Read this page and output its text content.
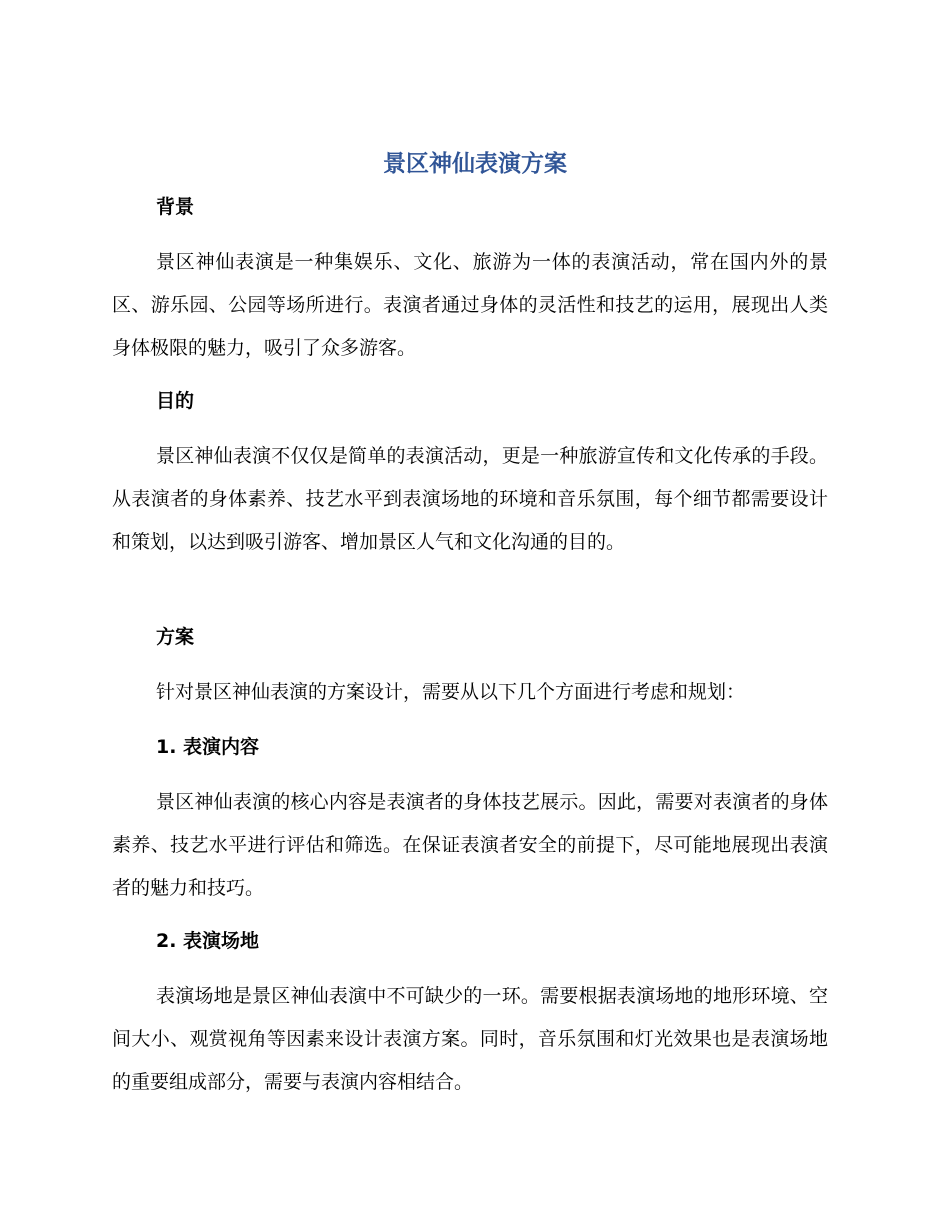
景区神仙表演方案
背景

景区神仙表演是一种集娱乐、文化、旅游为一体的表演活动，常在国内外的景区、游乐园、公园等场所进行。表演者通过身体的灵活性和技艺的运用，展现出人类身体极限的魅力，吸引了众多游客。

目的

景区神仙表演不仅仅是简单的表演活动，更是一种旅游宣传和文化传承的手段。从表演者的身体素养、技艺水平到表演场地的环境和音乐氛围，每个细节都需要设计和策划，以达到吸引游客、增加景区人气和文化沟通的目的。

方案

针对景区神仙表演的方案设计，需要从以下几个方面进行考虑和规划：

1. 表演内容

景区神仙表演的核心内容是表演者的身体技艺展示。因此，需要对表演者的身体素养、技艺水平进行评估和筛选。在保证表演者安全的前提下，尽可能地展现出表演者的魅力和技巧。

2. 表演场地

表演场地是景区神仙表演中不可缺少的一环。需要根据表演场地的地形环境、空间大小、观赏视角等因素来设计表演方案。同时，音乐氛围和灯光效果也是表演场地的重要组成部分，需要与表演内容相结合。
